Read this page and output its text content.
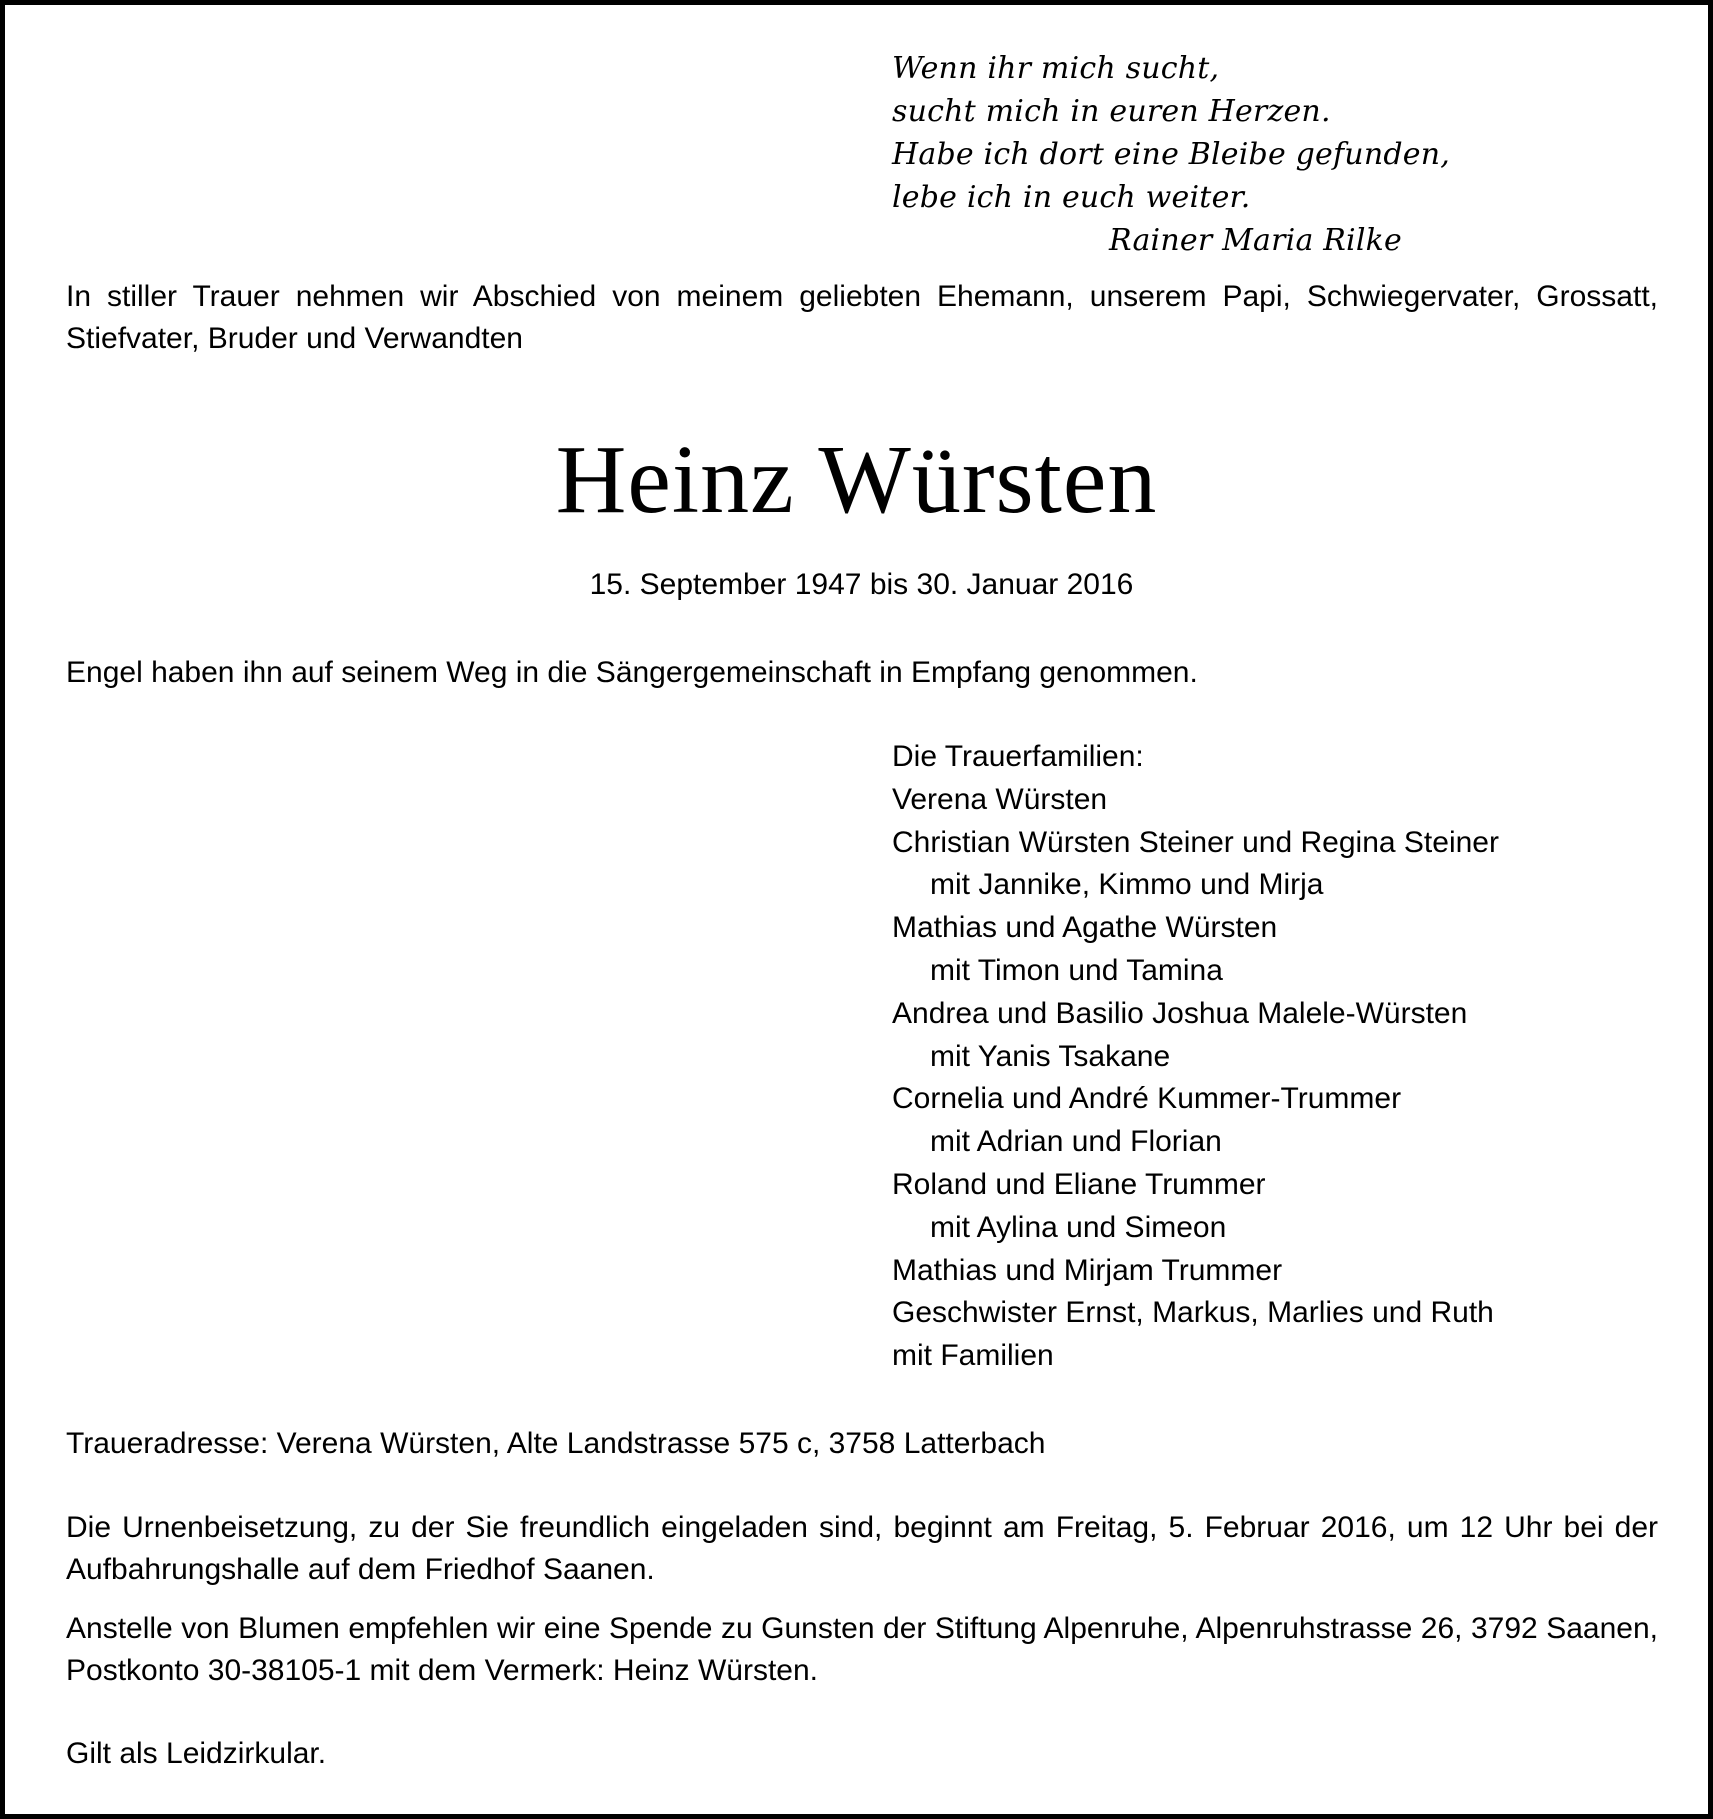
Wenn ihr mich sucht,
sucht mich in euren Herzen.
Habe ich dort eine Bleibe gefunden,
lebe ich in euch weiter.
Rainer Maria Rilke
In stiller Trauer nehmen wir Abschied von meinem geliebten Ehemann, unserem Papi, Schwiegervater, Grossatt, Stiefvater, Bruder und Verwandten
Heinz Würsten
15. September 1947 bis 30. Januar 2016
Engel haben ihn auf seinem Weg in die Sängergemeinschaft in Empfang genommen.
Die Trauerfamilien:
Verena Würsten
Christian Würsten Steiner und Regina Steiner
mit Jannike, Kimmo und Mirja
Mathias und Agathe Würsten
mit Timon und Tamina
Andrea und Basilio Joshua Malele-Würsten
mit Yanis Tsakane
Cornelia und André Kummer-Trummer
mit Adrian und Florian
Roland und Eliane Trummer
mit Aylina und Simeon
Mathias und Mirjam Trummer
Geschwister Ernst, Markus, Marlies und Ruth
mit Familien
Traueradresse: Verena Würsten, Alte Landstrasse 575 c, 3758 Latterbach
Die Urnenbeisetzung, zu der Sie freundlich eingeladen sind, beginnt am Freitag, 5. Februar 2016, um 12 Uhr bei der Aufbahrungshalle auf dem Friedhof Saanen.
Anstelle von Blumen empfehlen wir eine Spende zu Gunsten der Stiftung Alpenruhe, Alpenruhstrasse 26, 3792 Saanen, Postkonto 30-38105-1 mit dem Vermerk: Heinz Würsten.
Gilt als Leidzirkular.
